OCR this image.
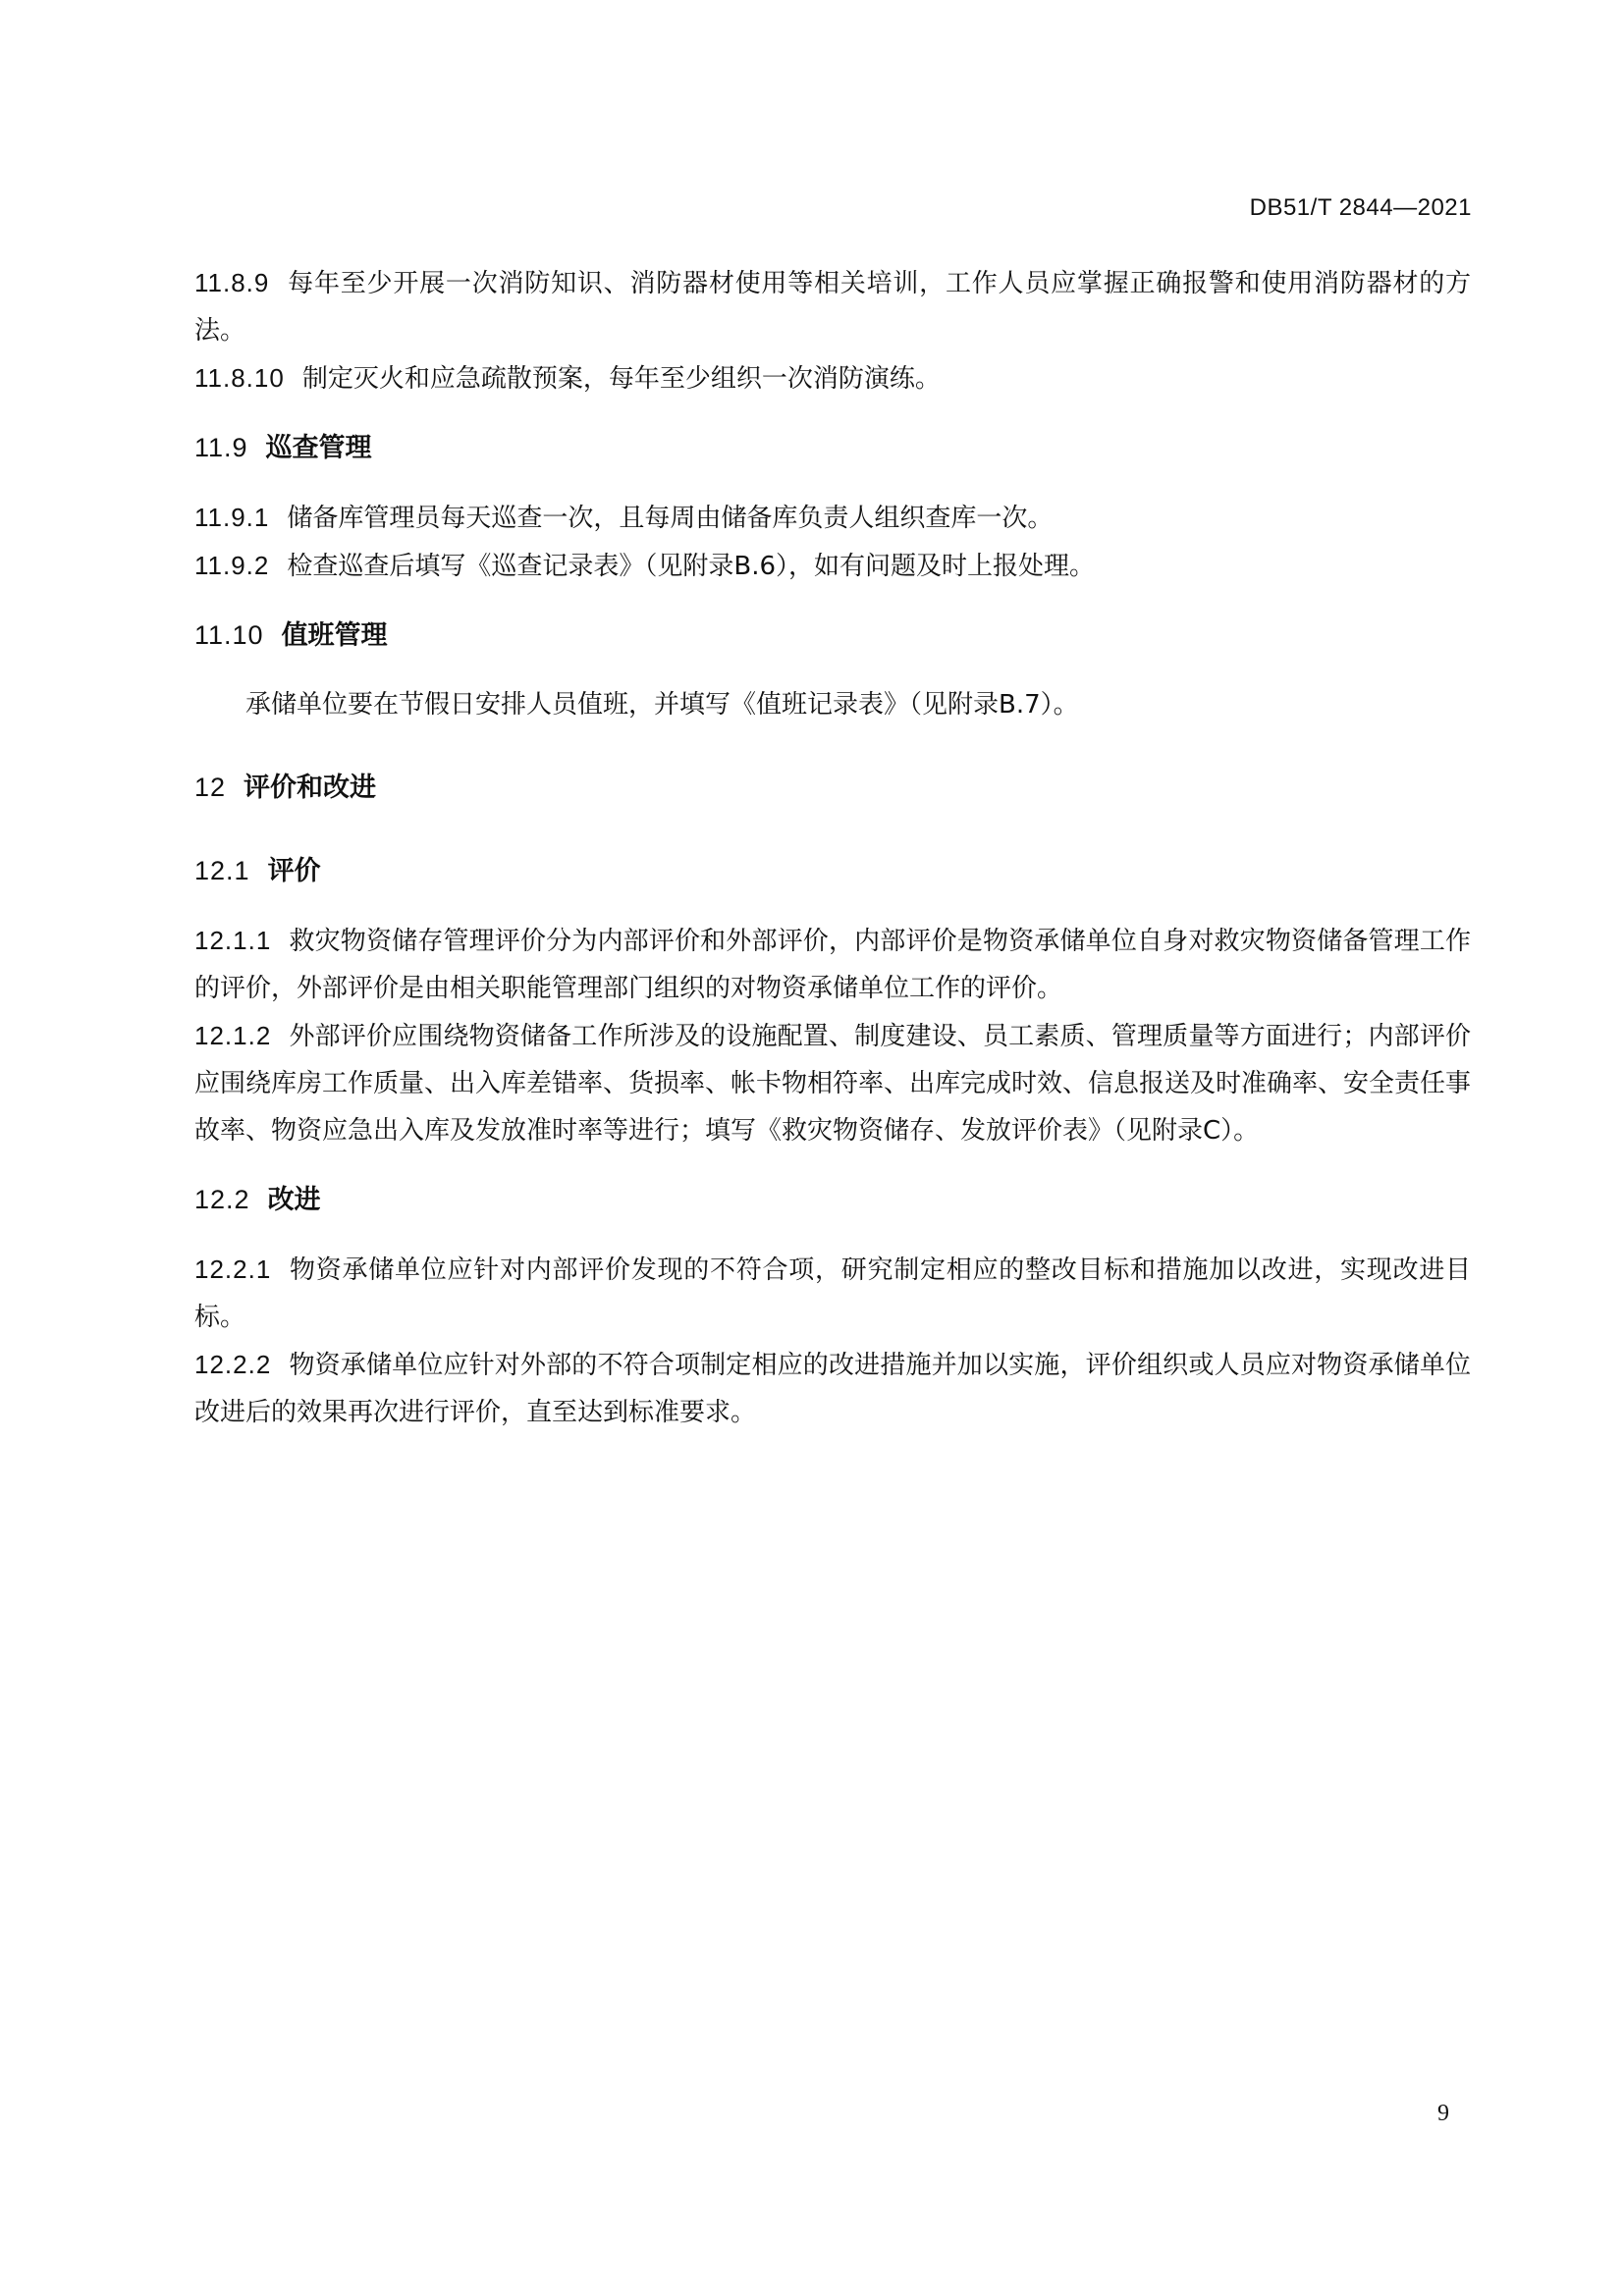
DB51/T 2844—2021

11.8.9 每年至少开展一次消防知识、消防器材使用等相关培训，工作人员应掌握正确报警和使用消防器材的方法。

11.8.10 制定灭火和应急疏散预案，每年至少组织一次消防演练。

11.9 巡查管理

11.9.1 储备库管理员每天巡查一次，且每周由储备库负责人组织查库一次。

11.9.2 检查巡查后填写《巡查记录表》（见附录B.6），如有问题及时上报处理。

11.10 值班管理

承储单位要在节假日安排人员值班，并填写《值班记录表》（见附录B.7）。

12 评价和改进

12.1 评价

12.1.1 救灾物资储存管理评价分为内部评价和外部评价，内部评价是物资承储单位自身对救灾物资储备管理工作的评价，外部评价是由相关职能管理部门组织的对物资承储单位工作的评价。

12.1.2 外部评价应围绕物资储备工作所涉及的设施配置、制度建设、员工素质、管理质量等方面进行；内部评价应围绕库房工作质量、出入库差错率、货损率、帐卡物相符率、出库完成时效、信息报送及时准确率、安全责任事故率、物资应急出入库及发放准时率等进行；填写《救灾物资储存、发放评价表》（见附录C）。

12.2 改进

12.2.1 物资承储单位应针对内部评价发现的不符合项，研究制定相应的整改目标和措施加以改进，实现改进目标。

12.2.2 物资承储单位应针对外部的不符合项制定相应的改进措施并加以实施，评价组织或人员应对物资承储单位改进后的效果再次进行评价，直至达到标准要求。

9
